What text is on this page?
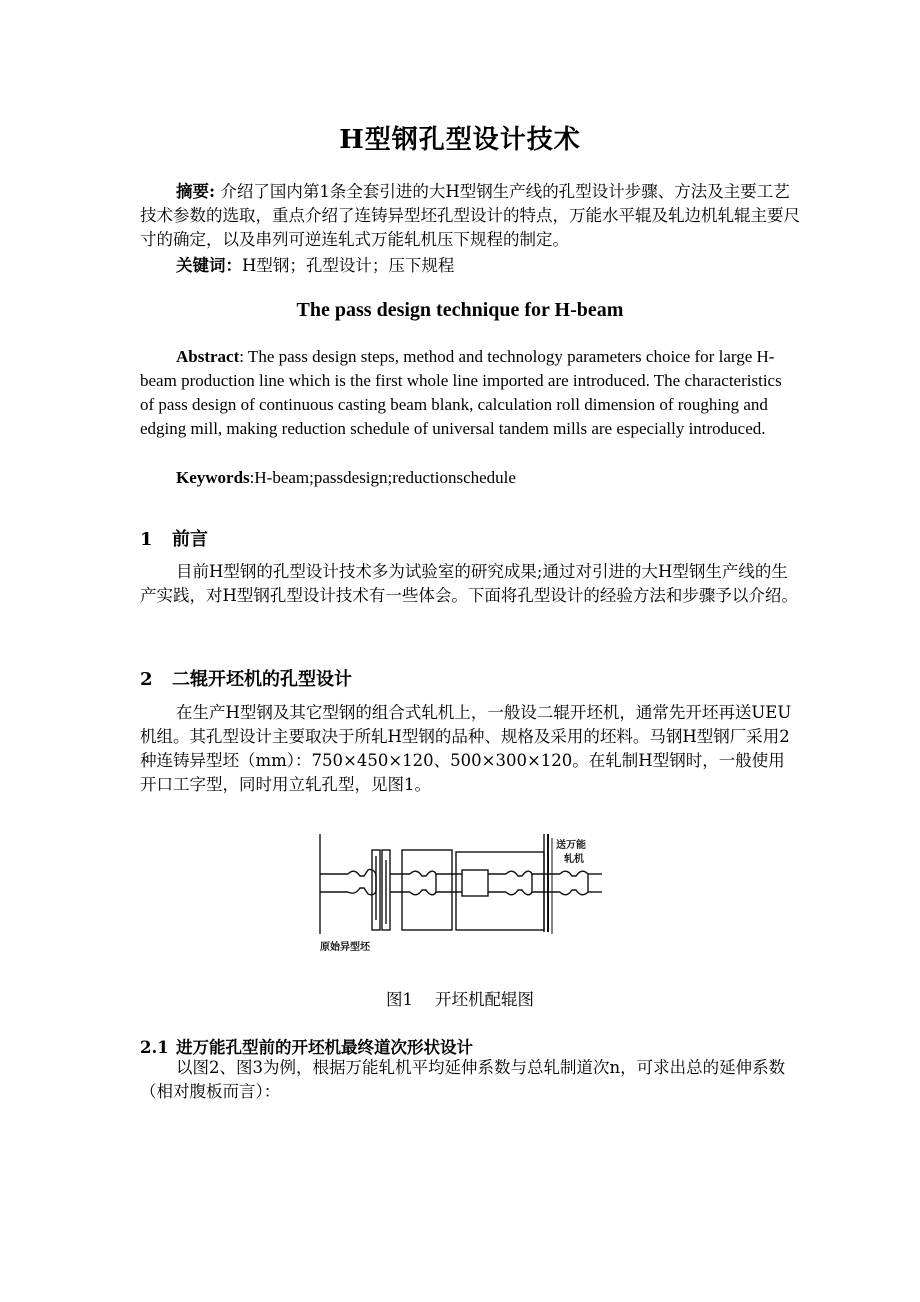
H型钢孔型设计技术

摘要: 介绍了国内第1条全套引进的大H型钢生产线的孔型设计步骤、方法及主要工艺技术参数的选取，重点介绍了连铸异型坯孔型设计的特点，万能水平辊及轧边机轧辊主要尺寸的确定，以及串列可逆连轧式万能轧机压下规程的制定。

关键词：H型钢；孔型设计；压下规程

The pass design technique for H-beam

Abstract: The pass design steps, method and technology parameters choice for large H-beam production line which is the first whole line imported are introduced. The characteristics of pass design of continuous casting beam blank, calculation roll dimension of roughing and edging mill, making reduction schedule of universal tandem mills are especially introduced.

Keywords:H-beam;passdesign;reductionschedule

1 前言

目前H型钢的孔型设计技术多为试验室的研究成果;通过对引进的大H型钢生产线的生产实践，对H型钢孔型设计技术有一些体会。下面将孔型设计的经验方法和步骤予以介绍。

2 二辊开坯机的孔型设计

在生产H型钢及其它型钢的组合式轧机上，一般设二辊开坯机，通常先开坯再送UEU机组。其孔型设计主要取决于所轧H型钢的品种、规格及采用的坯料。马钢H型钢厂采用2种连铸异型坯（mm）：750×450×120、500×300×120。在轧制H型钢时，一般使用开口工字型，同时用立轧孔型，见图1。

送万能
轧机
原始异型坯
图1 开坯机配辊图
2.1 进万能孔型前的开坯机最终道次形状设计

以图2、图3为例，根据万能轧机平均延伸系数与总轧制道次n，可求出总的延伸系数（相对腹板而言）：
